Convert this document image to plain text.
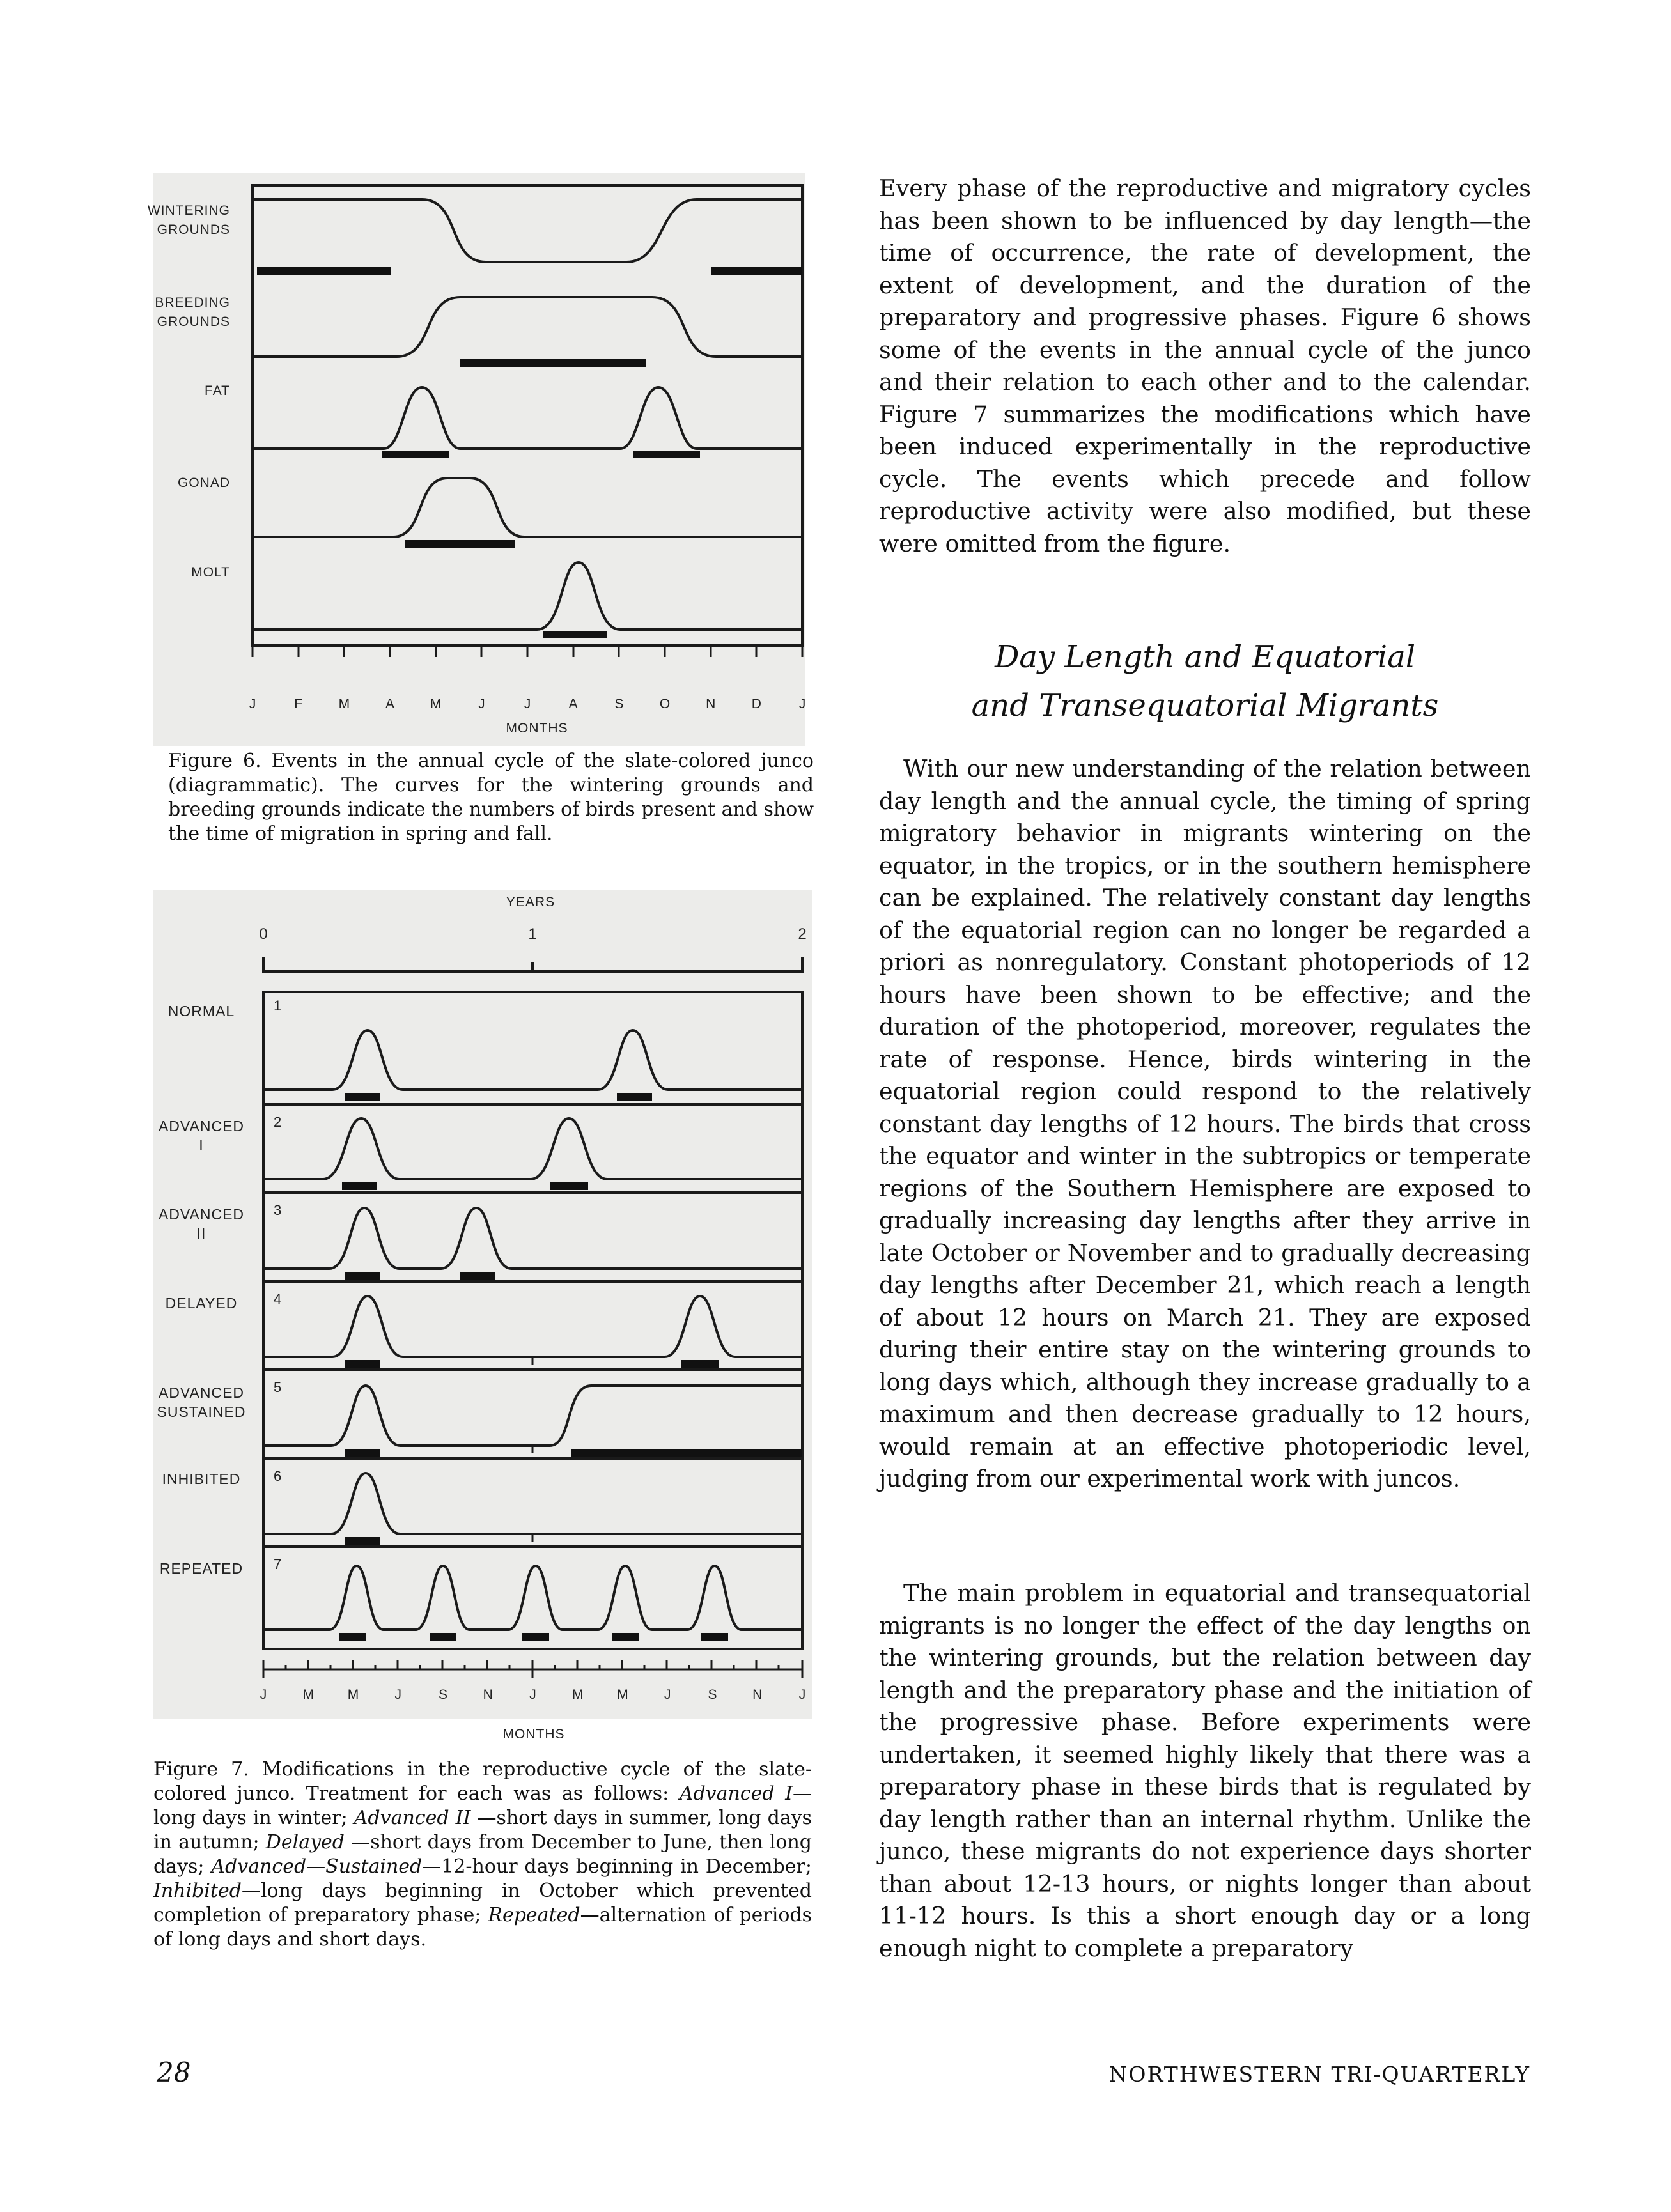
WINTERING
GROUNDS
BREEDING
GROUNDS
FAT
GONAD
MOLT
J	F	M	A	M	J	J	A	S	O	N	D	J
MONTHS
Figure 6. Events in the annual cycle of the slate-colored junco (diagrammatic). The curves for the wintering grounds and breeding grounds indicate the numbers of birds present and show the time of migration in spring and fall.
YEARS
0	1	2
1
NORMAL
2
ADVANCED
I
3
ADVANCED
II
4
DELAYED
5
ADVANCED
SUSTAINED
6
INHIBITED
7
REPEATED
J	M	M	J	S	N	J	M	M	J	S	N	J
MONTHS
Figure 7. Modifications in the reproductive cycle of the slate-colored junco. Treatment for each was as follows: Advanced I—long days in winter; Advanced II —short days in summer, long days in autumn; Delayed —short days from December to June, then long days; Advanced—Sustained—12-hour days beginning in December; Inhibited—long days beginning in October which prevented completion of preparatory phase; Repeated—alternation of periods of long days and short days.

Every phase of the reproductive and migratory cycles has been shown to be influenced by day length—the time of occurrence, the rate of development, the extent of development, and the duration of the preparatory and progressive phases. Figure 6 shows some of the events in the annual cycle of the junco and their relation to each other and to the calendar. Figure 7 summarizes the modifications which have been induced experimentally in the reproductive cycle. The events which precede and follow reproductive activity were also modified, but these were omitted from the figure.

Day Length and Equatorial
and Transequatorial Migrants

With our new understanding of the relation between day length and the annual cycle, the timing of spring migratory behavior in migrants wintering on the equator, in the tropics, or in the southern hemisphere can be explained. The relatively constant day lengths of the equatorial region can no longer be regarded a priori as nonregulatory. Constant photoperiods of 12 hours have been shown to be effective; and the duration of the photoperiod, moreover, regulates the rate of response. Hence, birds wintering in the equatorial region could respond to the relatively constant day lengths of 12 hours. The birds that cross the equator and winter in the subtropics or temperate regions of the Southern Hemisphere are exposed to gradually increasing day lengths after they arrive in late October or November and to gradually decreasing day lengths after December 21, which reach a length of about 12 hours on March 21. They are exposed during their entire stay on the wintering grounds to long days which, although they increase gradually to a maximum and then decrease gradually to 12 hours, would remain at an effective photoperiodic level, judging from our experimental work with juncos.

The main problem in equatorial and transequatorial migrants is no longer the effect of the day lengths on the wintering grounds, but the relation between day length and the preparatory phase and the initiation of the progressive phase. Before experiments were undertaken, it seemed highly likely that there was a preparatory phase in these birds that is regulated by day length rather than an internal rhythm. Unlike the junco, these migrants do not experience days shorter than about 12-13 hours, or nights longer than about 11-12 hours. Is this a short enough day or a long enough night to complete a preparatory

28	NORTHWESTERN TRI-QUARTERLY
